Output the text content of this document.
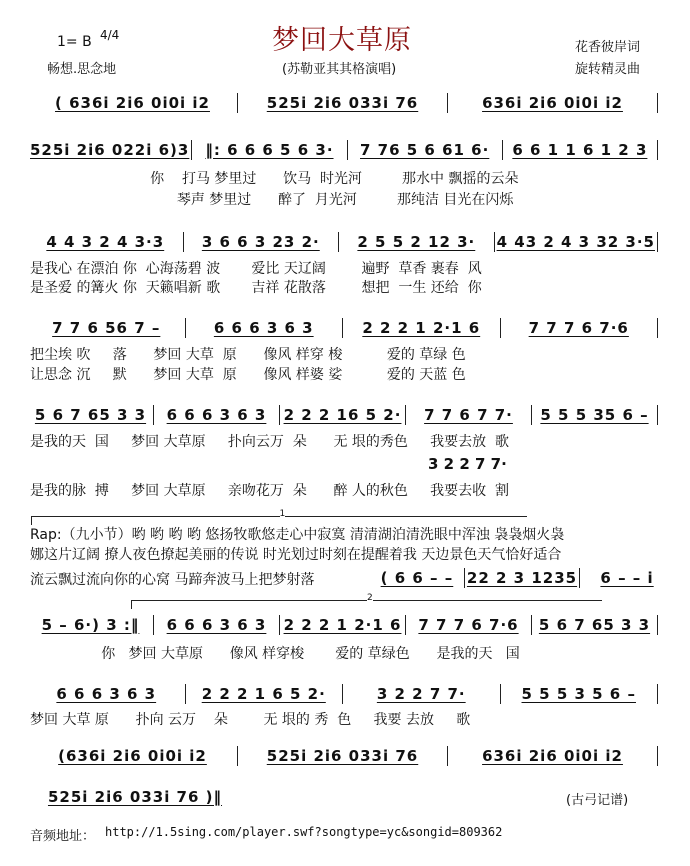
梦回大草原
1= B 4/4
畅想.思念地	(苏勒亚其其格演唱)
花香彼岸词
旋转精灵曲
( 636i 2i6 0i0i i2	525i 2i6 033i 76	636i 2i6 0i0i i2
525i 2i6 022i 6)3	‖: 6 6 6 5 6 3·	7 76 5 6 61 6·	6 6 1 1 6 1 2 3
你    打马 梦里过      饮马  时光河         那水中 飘摇的云朵
琴声 梦里过      醉了  月光河         那纯洁 目光在闪烁
4 4 3 2 4 3·3	3 6 6 3 23 2·	2 5 5 2 12 3·	4 43 2 4 3 32 3·5
是我心 在漂泊 你  心海荡碧 波       爱比 天辽阔        遍野  草香 裹春  风
是圣爱 的篝火 你  天籁唱新 歌       吉祥 花散落        想把  一生 还给  你
7 7 6 56 7 –	6 6 6 3 6 3	2 2 2 1 2·1 6	7 7 7 6 7·6
把尘埃 吹     落      梦回 大草  原      像风 样穿 梭          爱的 草绿 色
让思念 沉     默      梦回 大草  原      像风 样婆 娑          爱的 天蓝 色
5 6 7 65 3 3	6 6 6 3 6 3	2 2 2 16 5 2·	7 7 6 7 7·	5 5 5 35 6 –
是我的天  国     梦回 大草原     扑向云万  朵      无 垠的秀色     我要去放  歌
3 2 2 7 7·
是我的脉  搏     梦回 大草原     亲吻花万  朵      醉 人的秋色     我要去收  割
1
Rap:（九小节）哟 哟 哟 哟 悠扬牧歌悠走心中寂寞 清清湖泊清洗眼中浑浊 袅袅烟火袅
娜这片辽阔 撩人夜色撩起美丽的传说 时光划过时刻在提醒着我 天边景色天气恰好适合
流云飘过流向你的心窝 马蹄奔波马上把梦射落	( 6 6 – – 22 2 3 1235	6 – – i
2
5 – 6·) 3 :‖	6 6 6 3 6 3	2 2 2 1 2·1 6	7 7 7 6 7·6	5 6 7 65 3 3
你   梦回 大草原      像风 样穿梭       爱的 草绿色      是我的天   国
6 6 6 3 6 3	2 2 2 1 6 5 2·	3 2 2 7 7·	5 5 5 3 5 6 –
梦回 大草 原      扑向 云万    朵        无 垠的 秀  色     我要 去放     歌
(636i 2i6 0i0i i2	525i 2i6 033i 76	636i 2i6 0i0i i2
525i 2i6 033i 76 )‖	(古弓记谱)
音频地址： http://1.5sing.com/player.swf?songtype=yc&songid=809362
